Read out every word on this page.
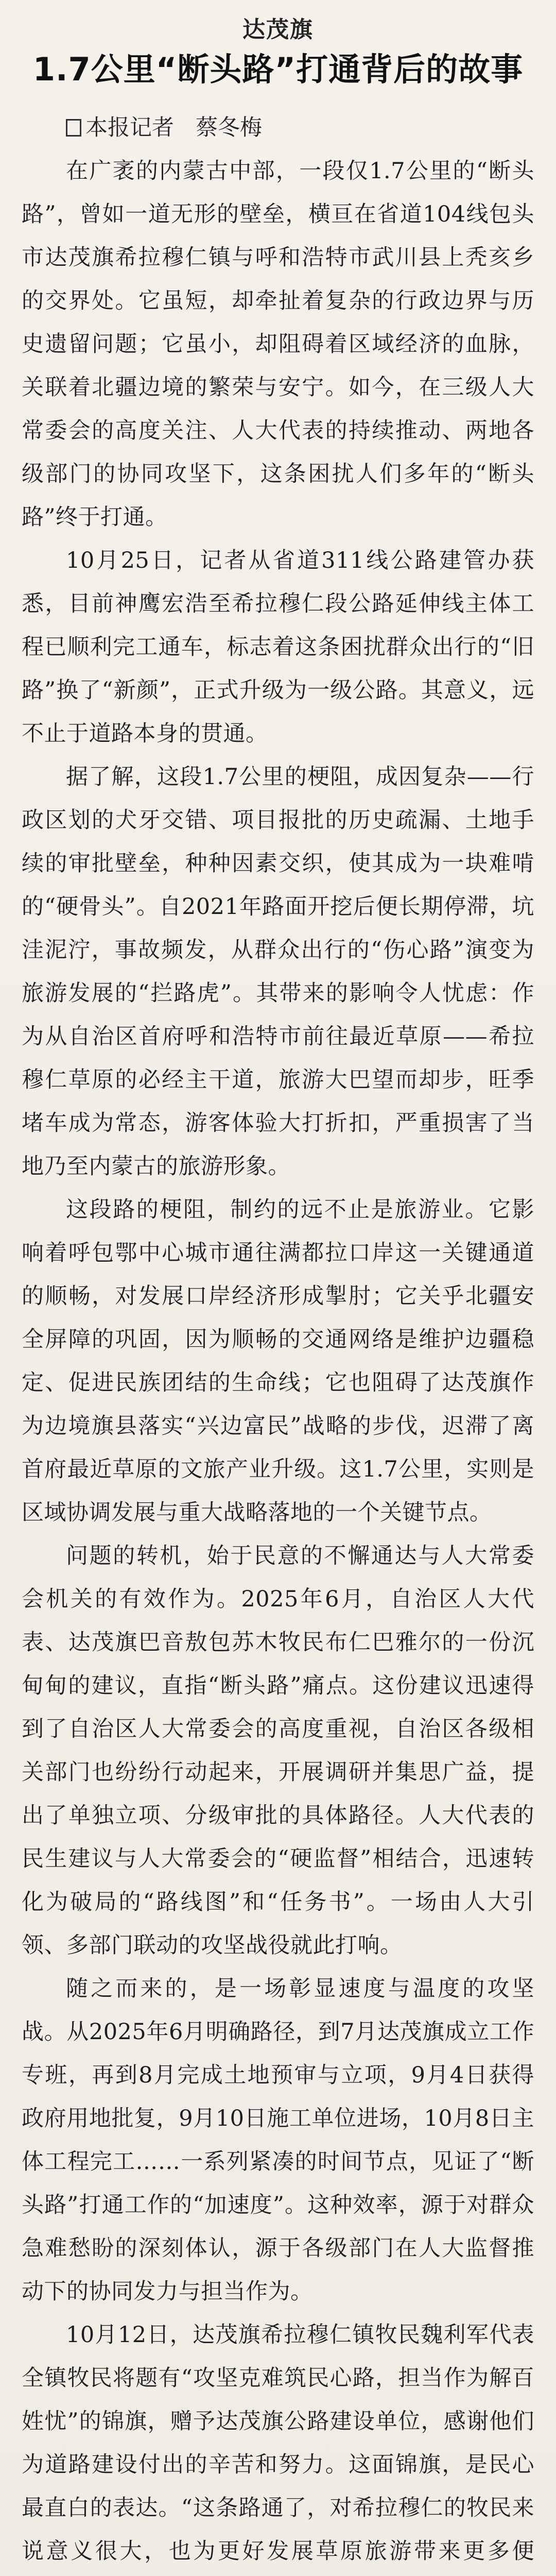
达茂旗
1.7公里“断头路”打通背后的故事
本报记者 蔡冬梅

在广袤的内蒙古中部，一段仅1.7公里的“断头路”，曾如一道无形的壁垒，横亘在省道104线包头市达茂旗希拉穆仁镇与呼和浩特市武川县上秃亥乡的交界处。它虽短，却牵扯着复杂的行政边界与历史遗留问题；它虽小，却阻碍着区域经济的血脉，关联着北疆边境的繁荣与安宁。如今，在三级人大常委会的高度关注、人大代表的持续推动、两地各级部门的协同攻坚下，这条困扰人们多年的“断头路”终于打通。

10月25日，记者从省道311线公路建管办获悉，目前神鹰宏浩至希拉穆仁段公路延伸线主体工程已顺利完工通车，标志着这条困扰群众出行的“旧路”换了“新颜”，正式升级为一级公路。其意义，远不止于道路本身的贯通。

据了解，这段1.7公里的梗阻，成因复杂——行政区划的犬牙交错、项目报批的历史疏漏、土地手续的审批壁垒，种种因素交织，使其成为一块难啃的“硬骨头”。自2021年路面开挖后便长期停滞，坑洼泥泞，事故频发，从群众出行的“伤心路”演变为旅游发展的“拦路虎”。其带来的影响令人忧虑：作为从自治区首府呼和浩特市前往最近草原——希拉穆仁草原的必经主干道，旅游大巴望而却步，旺季堵车成为常态，游客体验大打折扣，严重损害了当地乃至内蒙古的旅游形象。

这段路的梗阻，制约的远不止是旅游业。它影响着呼包鄂中心城市通往满都拉口岸这一关键通道的顺畅，对发展口岸经济形成掣肘；它关乎北疆安全屏障的巩固，因为顺畅的交通网络是维护边疆稳定、促进民族团结的生命线；它也阻碍了达茂旗作为边境旗县落实“兴边富民”战略的步伐，迟滞了离首府最近草原的文旅产业升级。这1.7公里，实则是区域协调发展与重大战略落地的一个关键节点。

问题的转机，始于民意的不懈通达与人大常委会机关的有效作为。2025年6月，自治区人大代表、达茂旗巴音敖包苏木牧民布仁巴雅尔的一份沉甸甸的建议，直指“断头路”痛点。这份建议迅速得到了自治区人大常委会的高度重视，自治区各级相关部门也纷纷行动起来，开展调研并集思广益，提出了单独立项、分级审批的具体路径。人大代表的民生建议与人大常委会的“硬监督”相结合，迅速转化为破局的“路线图”和“任务书”。一场由人大引领、多部门联动的攻坚战役就此打响。

随之而来的，是一场彰显速度与温度的攻坚战。从2025年6月明确路径，到7月达茂旗成立工作专班，再到8月完成土地预审与立项，9月4日获得政府用地批复，9月10日施工单位进场，10月8日主体工程完工……一系列紧凑的时间节点，见证了“断头路”打通工作的“加速度”。这种效率，源于对群众急难愁盼的深刻体认，源于各级部门在人大监督推动下的协同发力与担当作为。

10月12日，达茂旗希拉穆仁镇牧民魏利军代表全镇牧民将题有“攻坚克难筑民心路，担当作为解百姓忧”的锦旗，赠予达茂旗公路建设单位，感谢他们为道路建设付出的辛苦和努力。这面锦旗，是民心最直白的表达。“这条路通了，对希拉穆仁的牧民来说意义很大，也为更好发展草原旅游带来更多便
